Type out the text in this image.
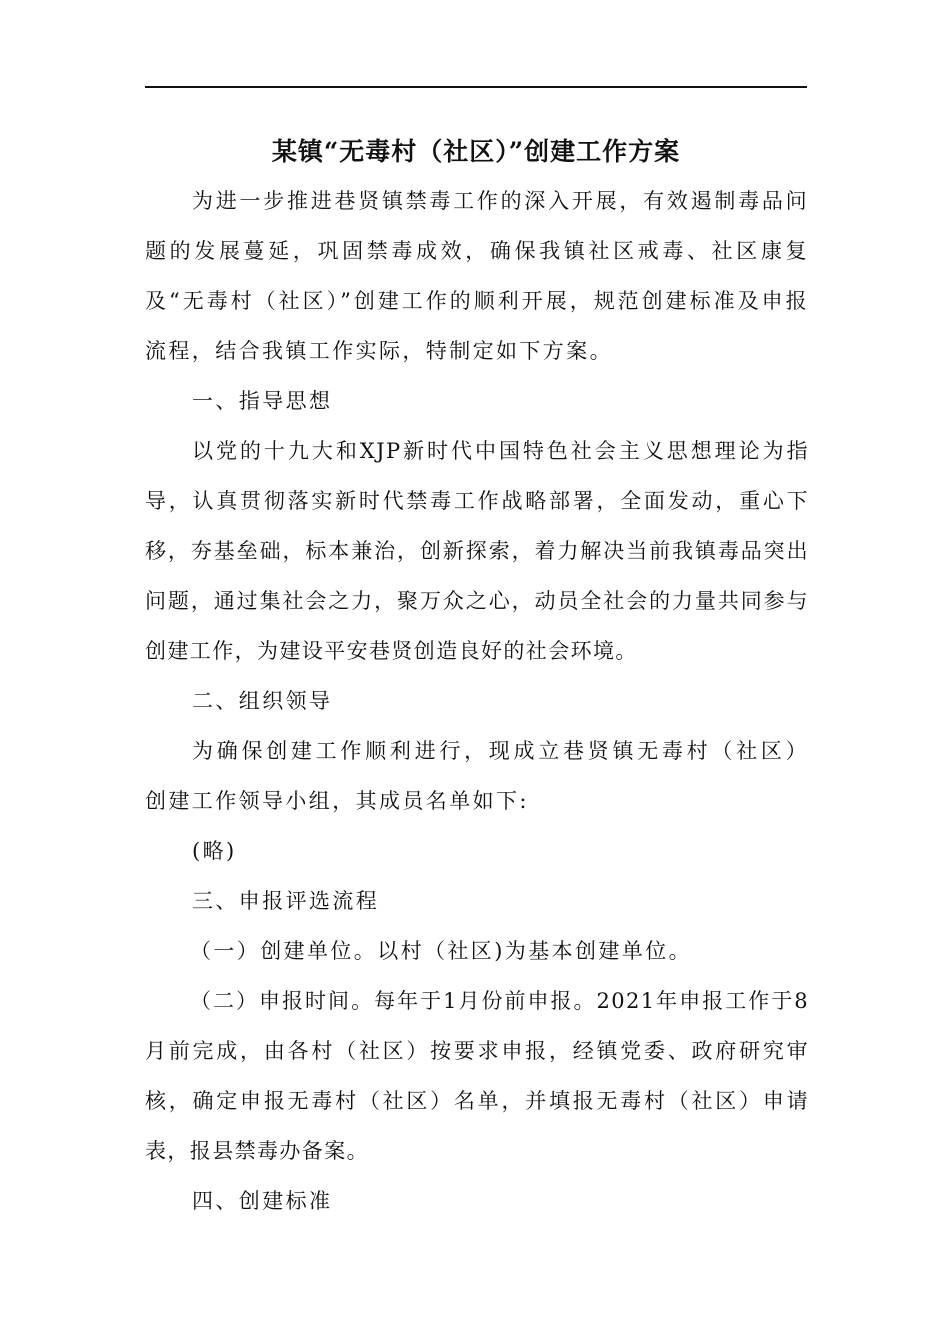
某镇“无毒村（社区）”创建工作方案

为进一步推进巷贤镇禁毒工作的深入开展，有效遏制毒品问题的发展蔓延，巩固禁毒成效，确保我镇社区戒毒、社区康复及“无毒村（社区）”创建工作的顺利开展，规范创建标准及申报流程，结合我镇工作实际，特制定如下方案。

一、指导思想

以党的十九大和XJP新时代中国特色社会主义思想理论为指导，认真贯彻落实新时代禁毒工作战略部署，全面发动，重心下移，夯基垒础，标本兼治，创新探索，着力解决当前我镇毒品突出问题，通过集社会之力，聚万众之心，动员全社会的力量共同参与创建工作，为建设平安巷贤创造良好的社会环境。

二、组织领导

为确保创建工作顺利进行，现成立巷贤镇无毒村（社区） 创建工作领导小组，其成员名单如下:

(略)

三、申报评选流程

（一）创建单位。以村（社区)为基本创建单位。

（二）申报时间。每年于1月份前申报。2021年申报工作于8月前完成，由各村（社区）按要求申报，经镇党委、政府研究审核，确定申报无毒村（社区）名单，并填报无毒村（社区）申请表，报县禁毒办备案。

四、创建标准
